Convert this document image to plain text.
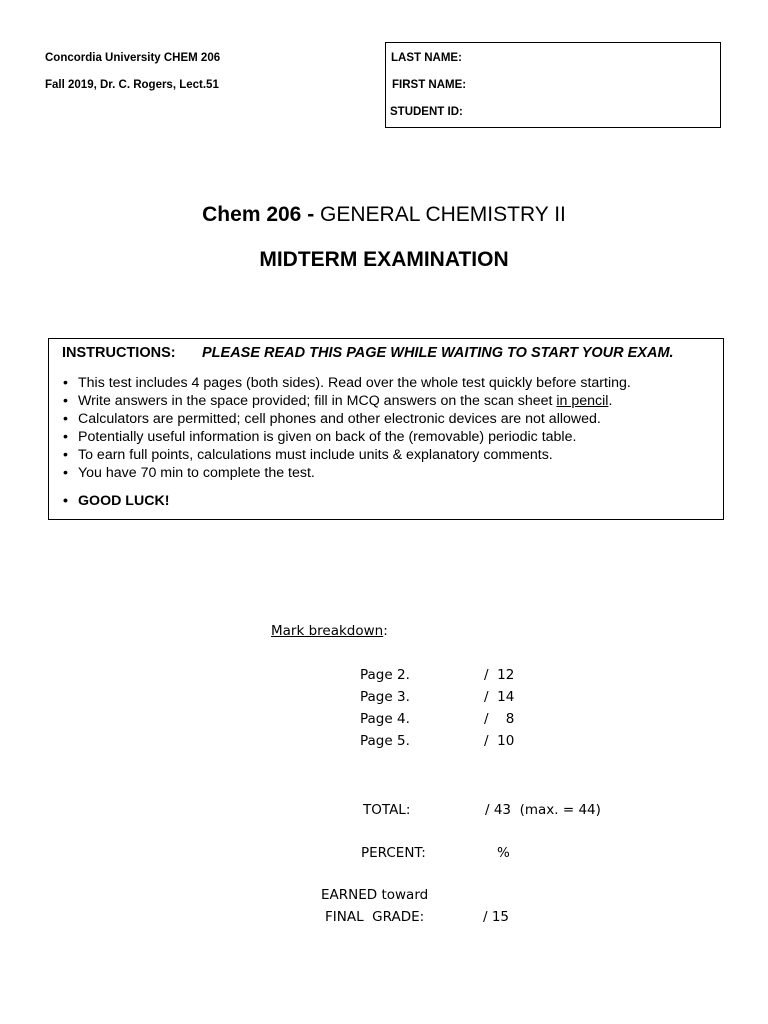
Concordia University CHEM 206
Fall 2019, Dr. C. Rogers, Lect.51
LAST NAME:
FIRST NAME:
STUDENT ID:
Chem 206 - GENERAL CHEMISTRY II
MIDTERM EXAMINATION
INSTRUCTIONS: PLEASE READ THIS PAGE WHILE WAITING TO START YOUR EXAM.
• This test includes 4 pages (both sides). Read over the whole test quickly before starting.
• Write answers in the space provided; fill in MCQ answers on the scan sheet in pencil.
• Calculators are permitted; cell phones and other electronic devices are not allowed.
• Potentially useful information is given on back of the (removable) periodic table.
• To earn full points, calculations must include units & explanatory comments.
• You have 70 min to complete the test.
• GOOD LUCK!
Mark breakdown:
Page 2.	/  12
Page 3.	/  14
Page 4.	/    8
Page 5.	/  10
TOTAL:	/ 43  (max. = 44)
PERCENT:	%
EARNED toward
FINAL  GRADE:	/ 15
